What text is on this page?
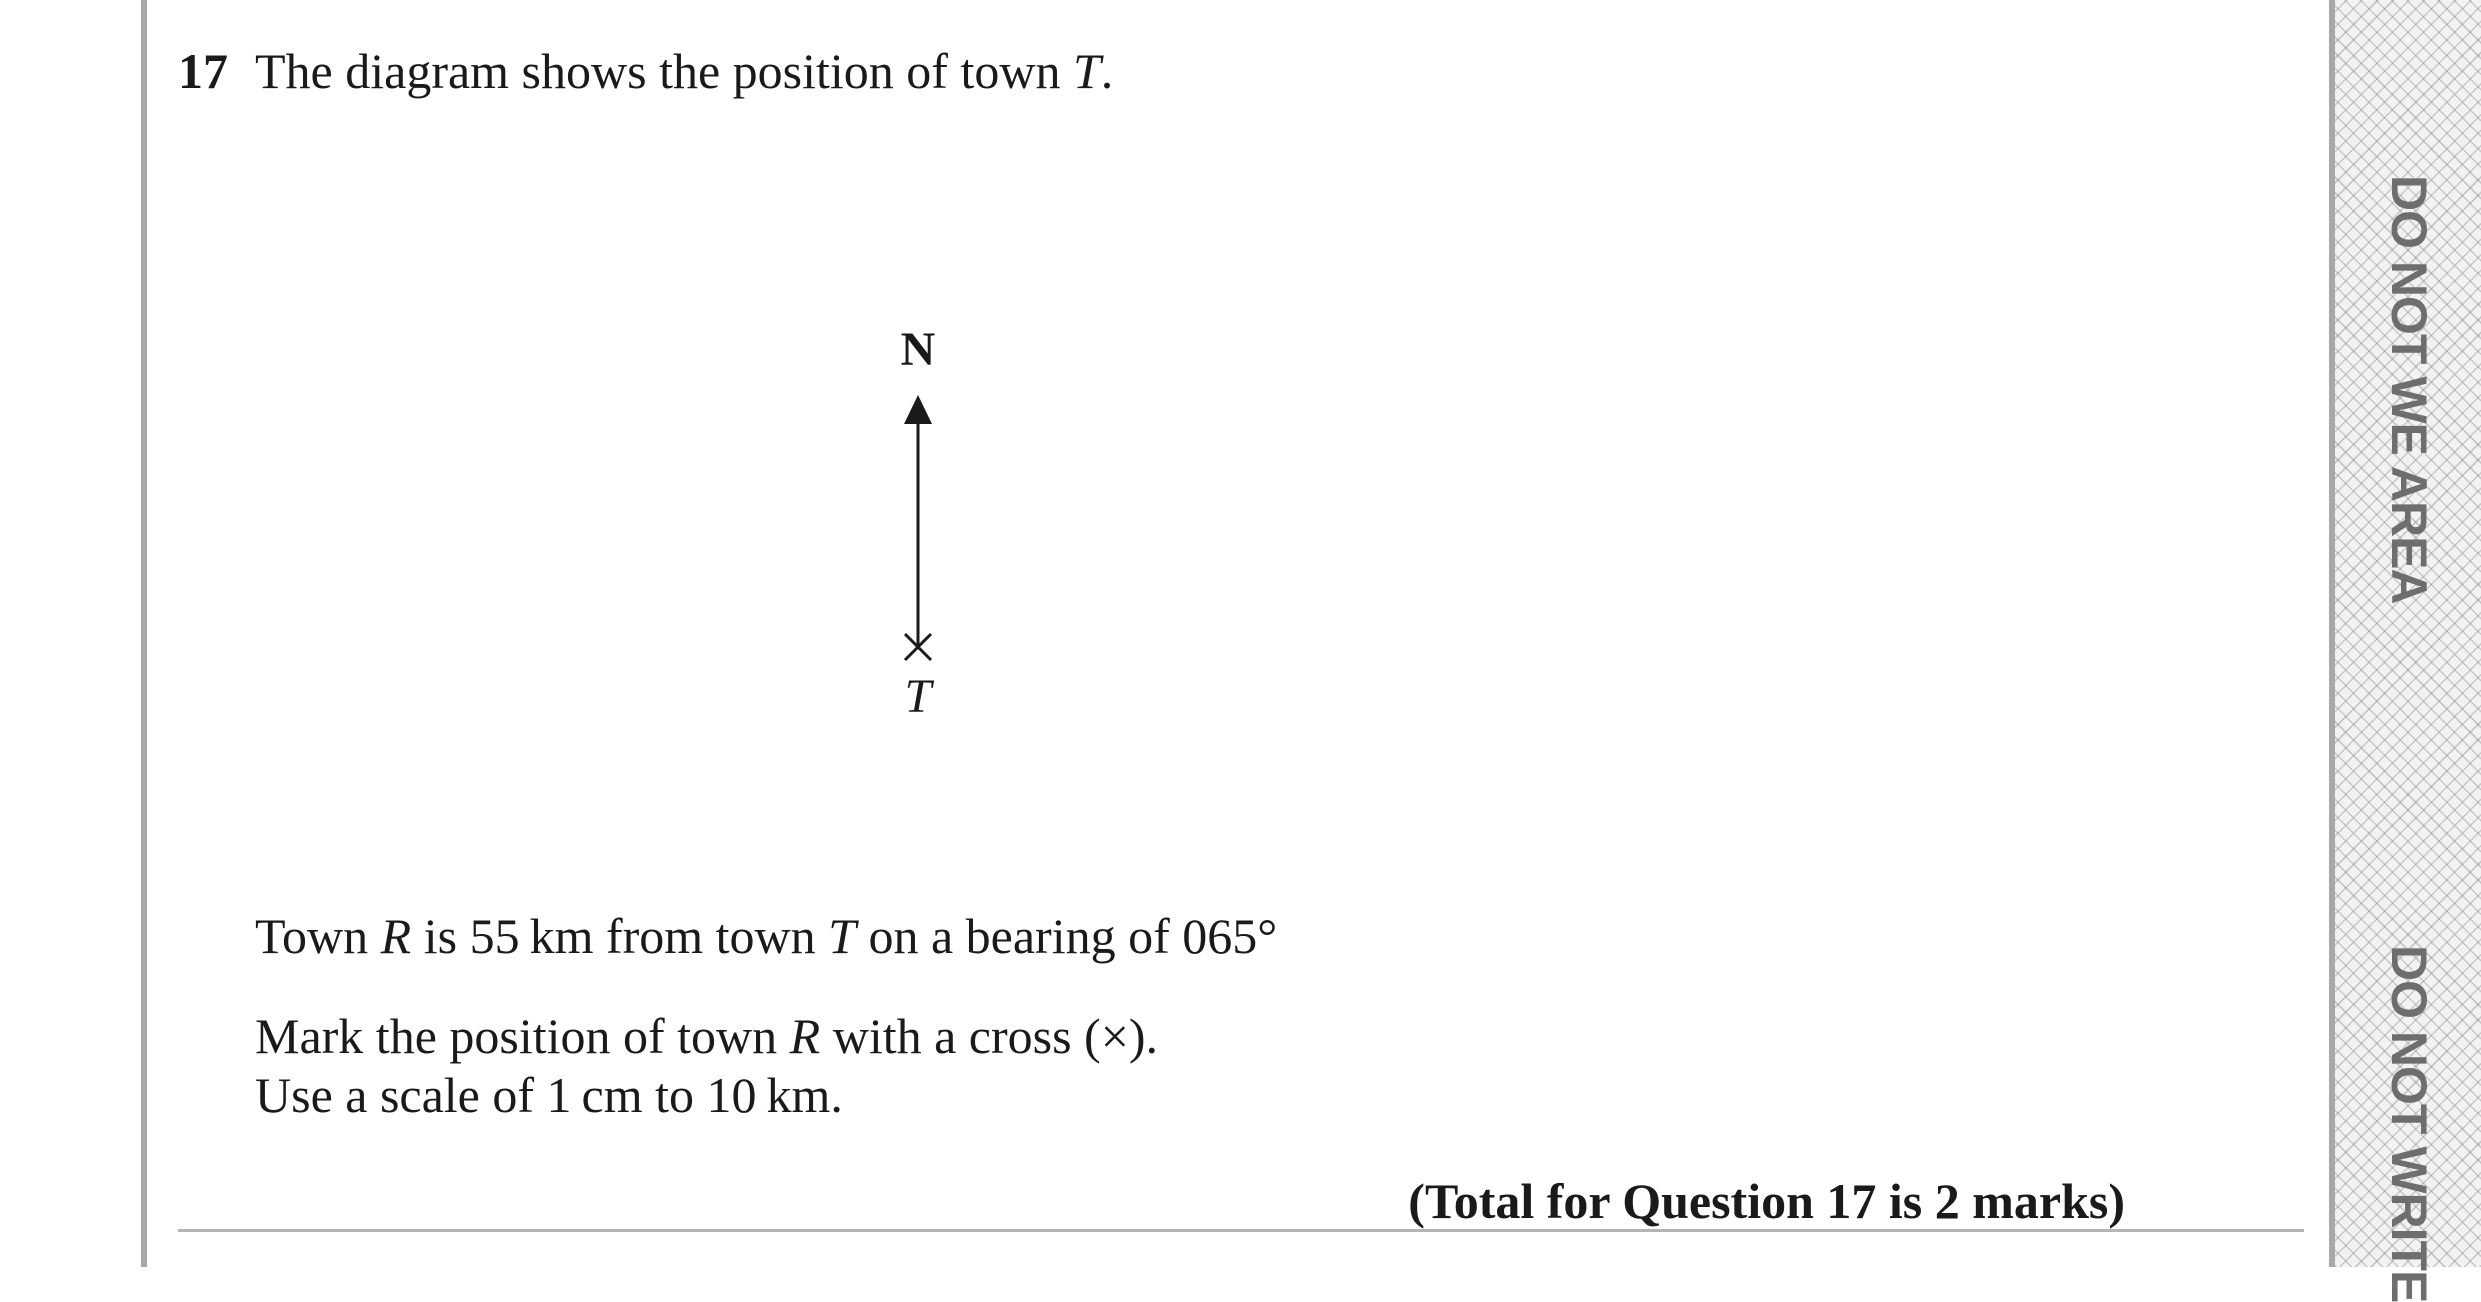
DO NOT WE AREA
DO NOT WRITE
17 The diagram shows the position of town T.
N
T
Town R is 55 km from town T on a bearing of 065°
Mark the position of town R with a cross (×).
Use a scale of 1 cm to 10 km.
(Total for Question 17 is 2 marks)
